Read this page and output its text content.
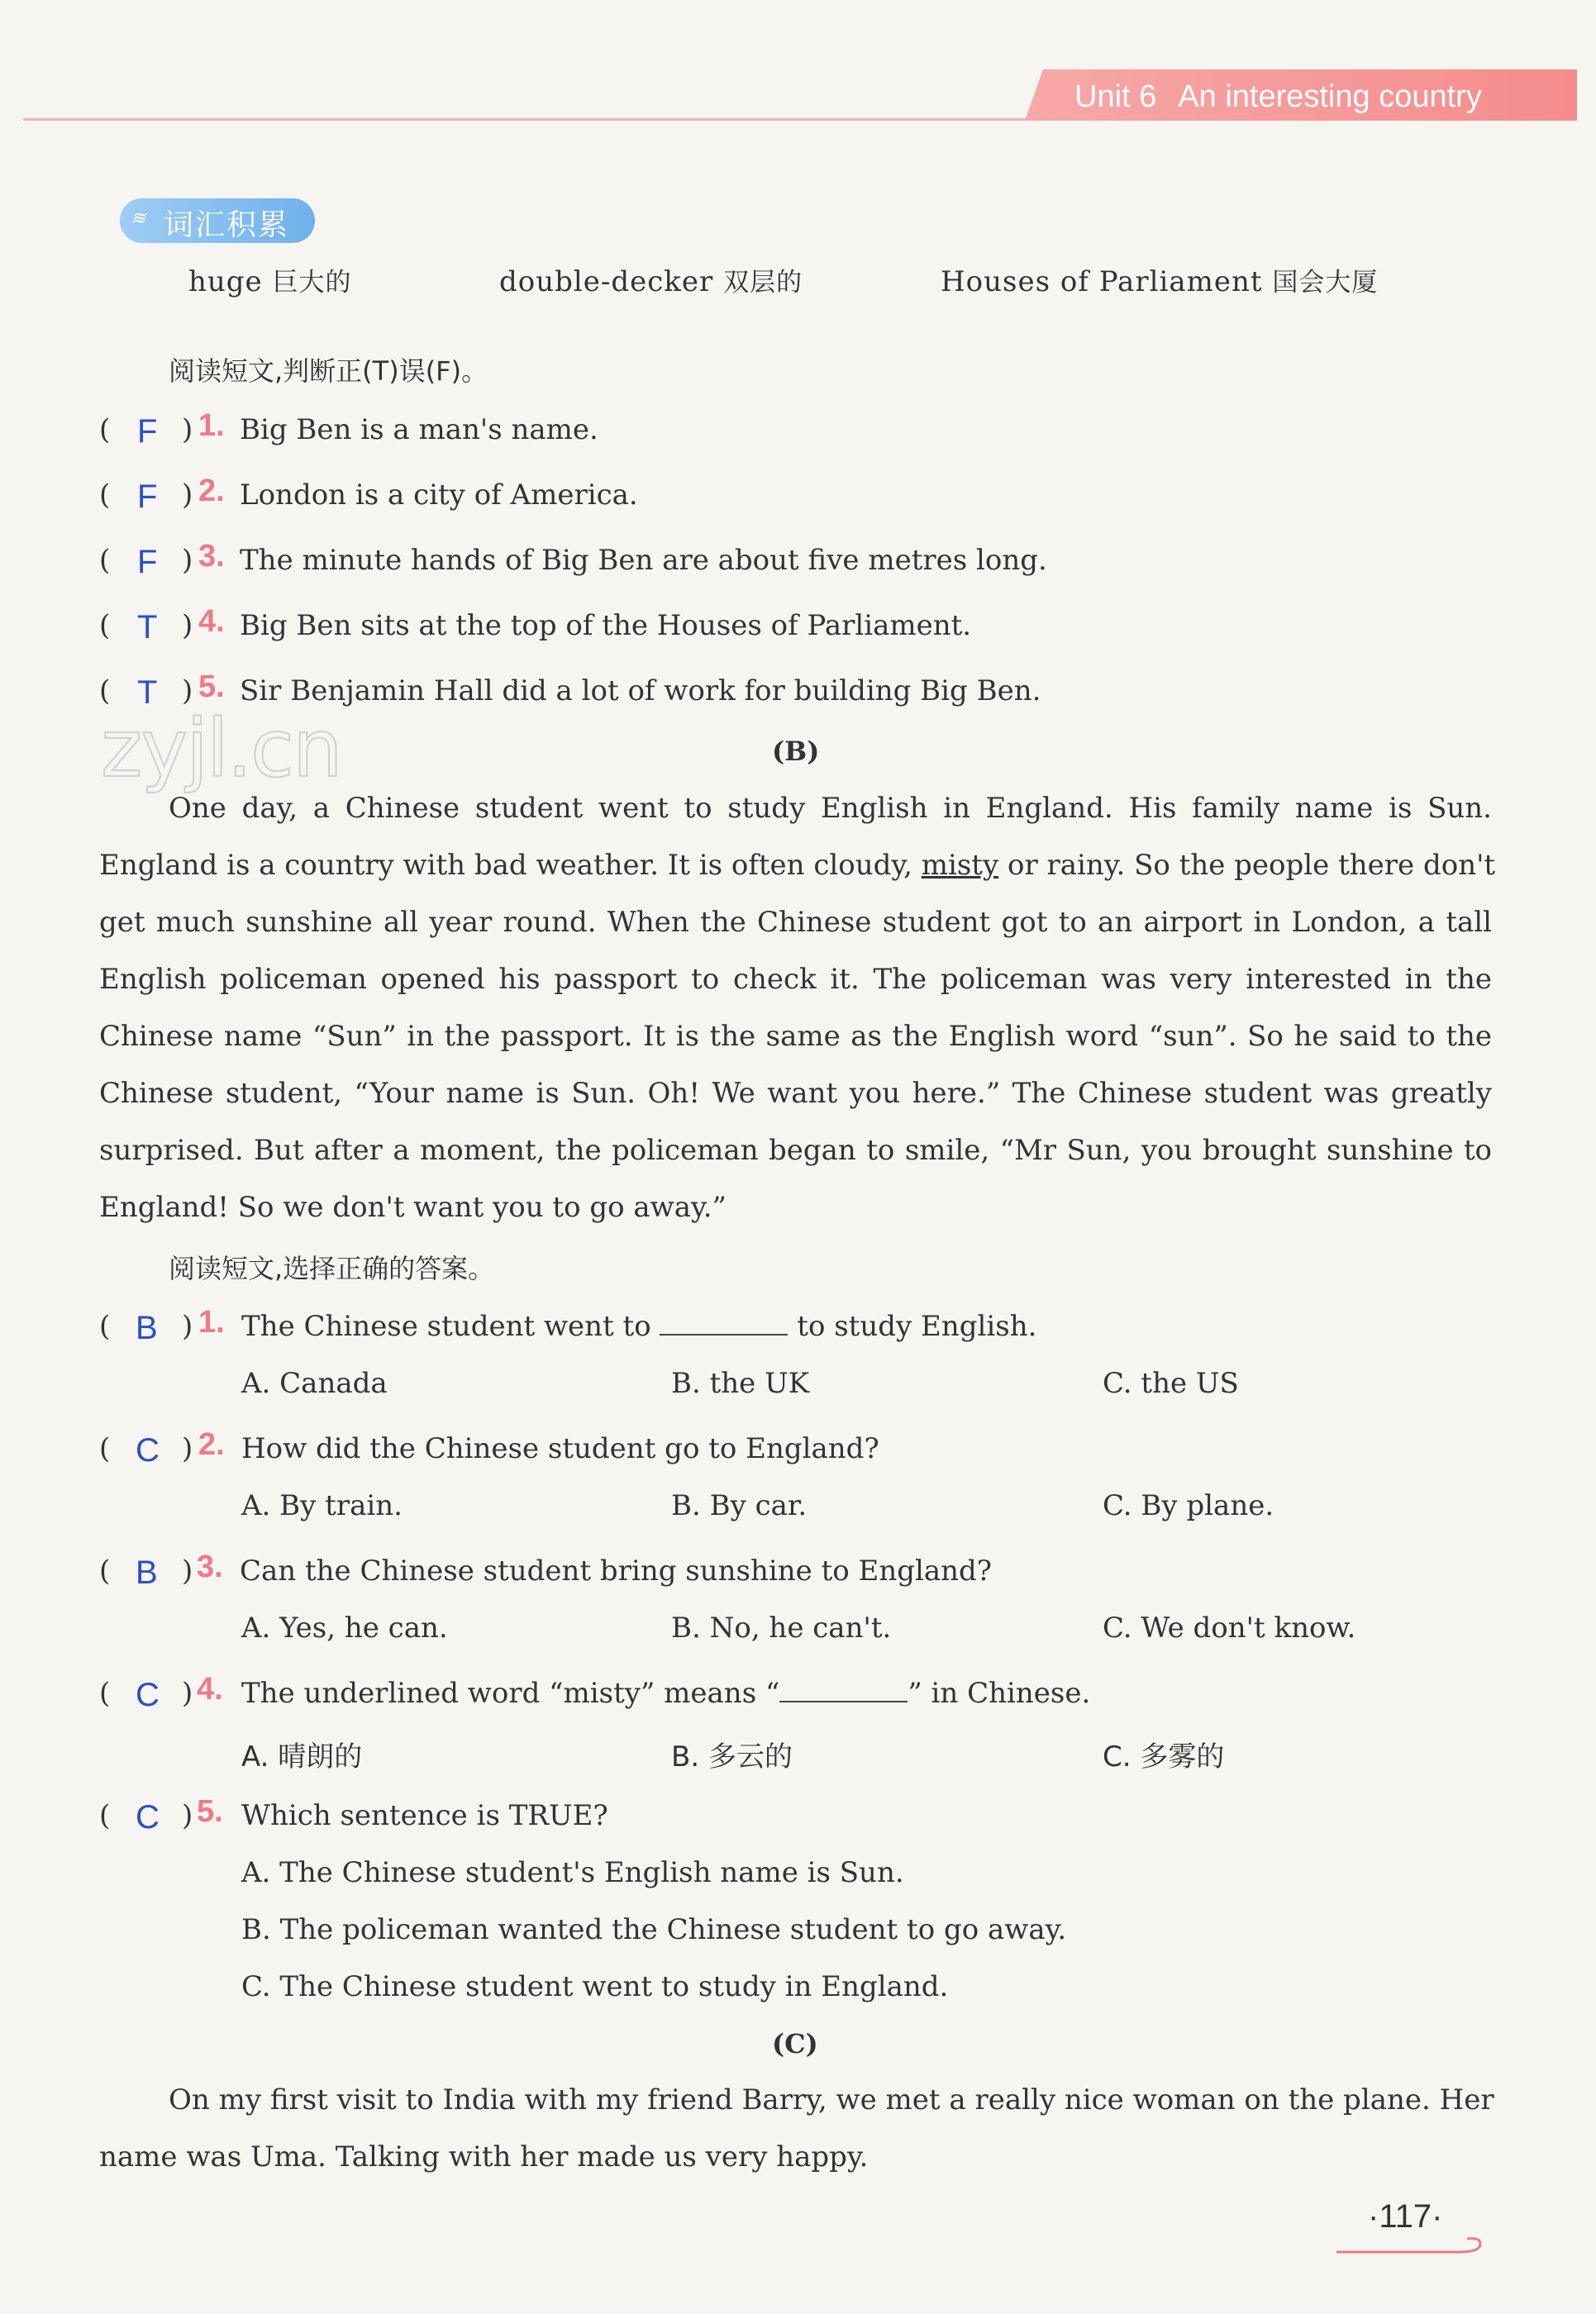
Unit 6 An interesting country
≋ 词汇积累
huge 巨大的	double-decker 双层的	Houses of Parliament 国会大厦
阅读短文,判断正(T)误(F)。
( F ) 1. Big Ben is a man's name.
( F ) 2. London is a city of America.
( F ) 3. The minute hands of Big Ben are about five metres long.
( T ) 4. Big Ben sits at the top of the Houses of Parliament.
( T ) 5. Sir Benjamin Hall did a lot of work for building Big Ben.
zyjl.cn	(B)
One day, a Chinese student went to study English in England. His family name is Sun.
England is a country with bad weather. It is often cloudy, misty or rainy. So the people there don't
get much sunshine all year round. When the Chinese student got to an airport in London, a tall
English policeman opened his passport to check it. The policeman was very interested in the
Chinese name “Sun” in the passport. It is the same as the English word “sun”. So he said to the
Chinese student, “Your name is Sun. Oh! We want you here.” The Chinese student was greatly
surprised. But after a moment, the policeman began to smile, “Mr Sun, you brought sunshine to
England! So we don't want you to go away.”
阅读短文,选择正确的答案。
( B ) 1. The Chinese student went to	to study English.
A. Canada	B. the UK	C. the US
( C ) 2. How did the Chinese student go to England?
A. By train.	B. By car.	C. By plane.
( B ) 3. Can the Chinese student bring sunshine to England?
A. Yes, he can.	B. No, he can't.	C. We don't know.
( C ) 4. The underlined word “misty” means “	” in Chinese.
A. 晴朗的	B. 多云的	C. 多雾的
( C ) 5. Which sentence is TRUE?
A. The Chinese student's English name is Sun.
B. The policeman wanted the Chinese student to go away.
C. The Chinese student went to study in England.
(C)
On my first visit to India with my friend Barry, we met a really nice woman on the plane. Her
name was Uma. Talking with her made us very happy.
·117·
